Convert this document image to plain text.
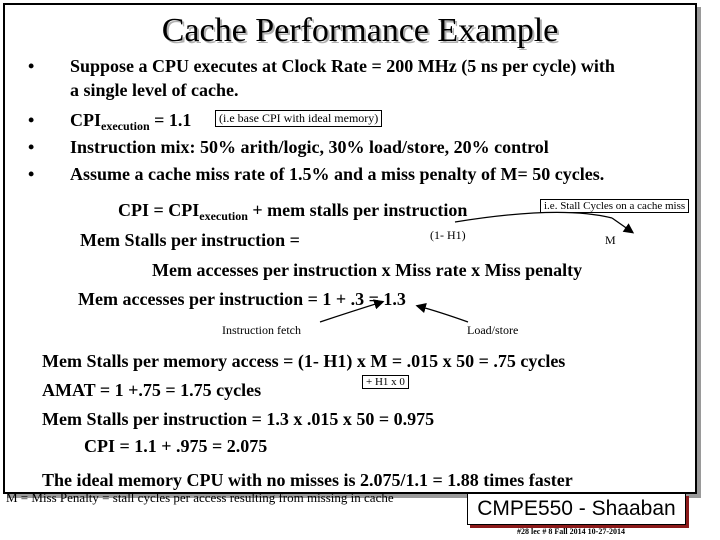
Cache Performance Example
• Suppose a CPU executes at Clock Rate = 200 MHz (5 ns per cycle) with
a single level of cache.
• $CPI_{execution} = 1.1$	(i.e base CPI with ideal memory)
• Instruction mix: 50% arith/logic, 30% load/store, 20% control
• Assume a cache miss rate of 1.5% and a miss penalty of M= 50 cycles.
CPI = $CPI_{execution}$ + mem stalls per instruction	i.e. Stall Cycles on a cache miss
(1- H1)	M
Mem Stalls per instruction =
Mem accesses per instruction x Miss rate x Miss penalty
Mem accesses per instruction = 1 + .3 = 1.3
Instruction fetch	Load/store
Mem Stalls per memory access = (1- H1) x M = .015 x 50 = .75 cycles
+ H1 x 0
AMAT = 1 +.75 = 1.75 cycles
Mem Stalls per instruction = 1.3 x .015 x 50 = 0.975
CPI = 1.1 + .975 = 2.075
The ideal memory CPU with no misses is 2.075/1.1 = 1.88 times faster
M = Miss Penalty = stall cycles per access resulting from missing in cache	CMPE550 - Shaaban
#28 lec # 8 Fall 2014 10-27-2014
